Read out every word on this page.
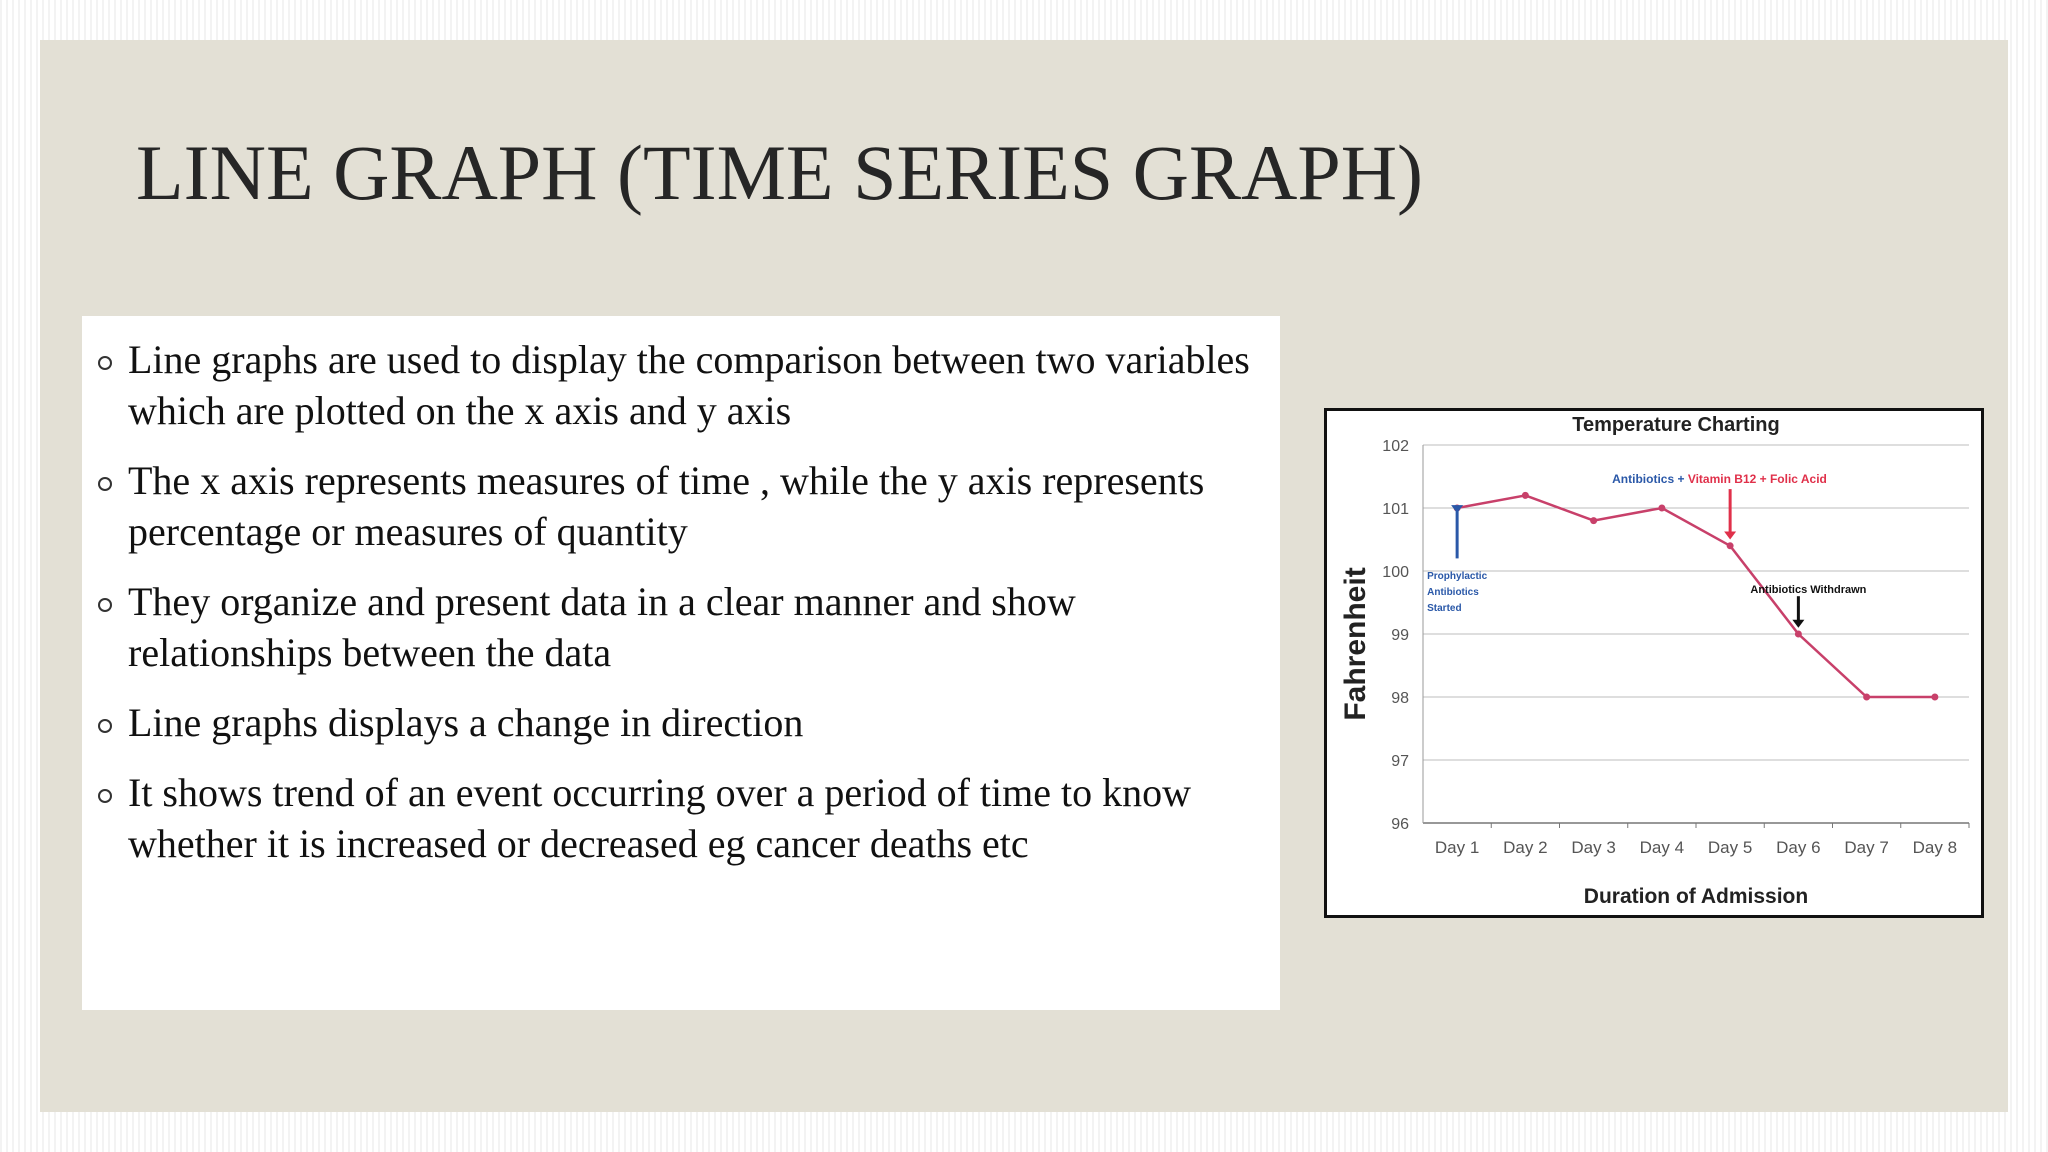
LINE GRAPH (TIME SERIES GRAPH)
Line graphs are used to display the comparison between two variables which are plotted on the x axis and y axis
The x axis represents measures of time , while the y axis represents percentage or measures of quantity
They organize and present data in a clear manner and show relationships between the data
Line graphs displays a change in direction
It shows trend of an event occurring over a period of time to know whether it is increased or decreased eg cancer deaths etc
Temperature Charting
96
97
98
99
100
101
102
Day 1 Day 2 Day 3 Day 4 Day 5 Day 6 Day 7 Day 8
Duration of Admission
Fahrenheit	Prophylactic
Antibiotics
Started
Antibiotics + Vitamin B12 + Folic Acid
Antibiotics Withdrawn
